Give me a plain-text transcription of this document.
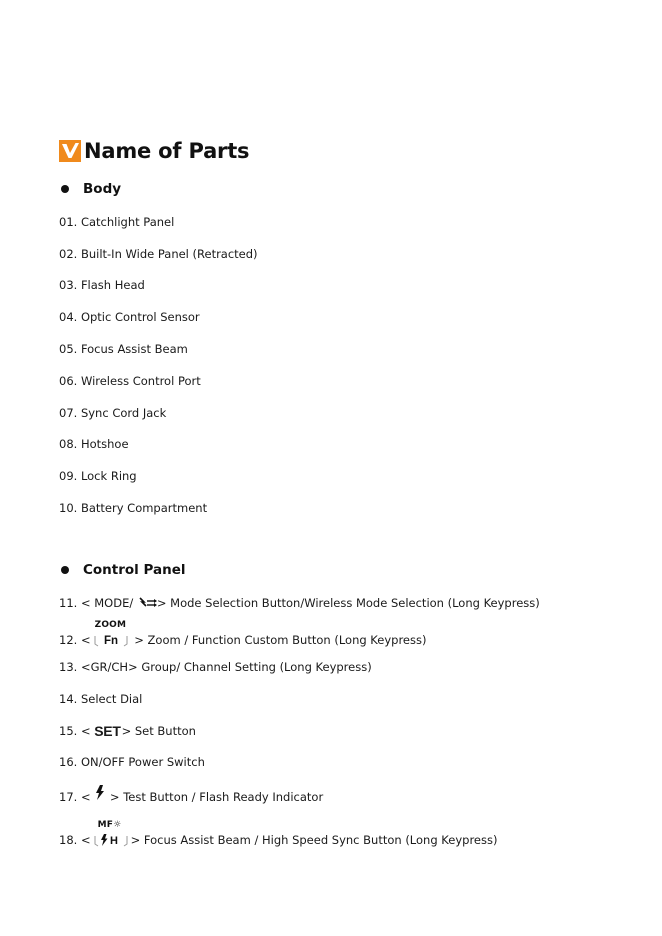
Name of Parts
Body
01. Catchlight Panel
02. Built-In Wide Panel (Retracted)
03. Flash Head
04. Optic Control Sensor
05. Focus Assist Beam
06. Wireless Control Port
07. Sync Cord Jack
08. Hotshoe
09. Lock Ring
10. Battery Compartment
Control Panel
11. < MODE/ > Mode Selection Button/Wireless Mode Selection (Long Keypress)
12. <
ZOOM
Fn > Zoom / Function Custom Button (Long Keypress)
13. <GR/CH> Group/ Channel Setting (Long Keypress)
14. Select Dial
15. < SET > Set Button
16. ON/OFF Power Switch
17. < > Test Button / Flash Ready Indicator
18. <
MF☼
H > Focus Assist Beam / High Speed Sync Button (Long Keypress)
